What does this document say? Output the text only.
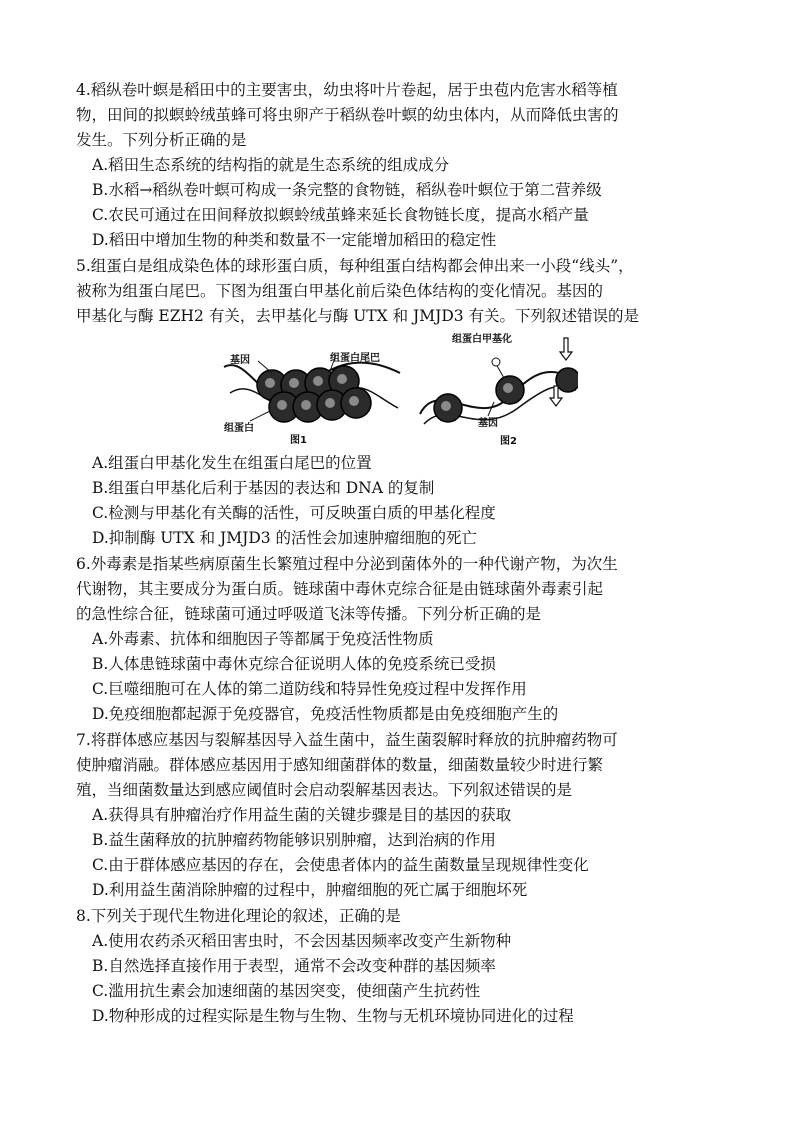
4.稻纵卷叶螟是稻田中的主要害虫，幼虫将叶片卷起，居于虫苞内危害水稻等植
物，田间的拟螟蛉绒茧蜂可将虫卵产于稻纵卷叶螟的幼虫体内，从而降低虫害的
发生。下列分析正确的是
A.稻田生态系统的结构指的就是生态系统的组成成分
B.水稻→稻纵卷叶螟可构成一条完整的食物链，稻纵卷叶螟位于第二营养级
C.农民可通过在田间释放拟螟蛉绒茧蜂来延长食物链长度，提高水稻产量
D.稻田中增加生物的种类和数量不一定能增加稻田的稳定性
5.组蛋白是组成染色体的球形蛋白质，每种组蛋白结构都会伸出来一小段“线头”，
被称为组蛋白尾巴。下图为组蛋白甲基化前后染色体结构的变化情况。基因的
甲基化与酶 EZH2 有关，去甲基化与酶 UTX 和 JMJD3 有关。下列叙述错误的是
基因	组蛋白尾巴
组蛋白
图1
组蛋白甲基化
基因
图2
A.组蛋白甲基化发生在组蛋白尾巴的位置
B.组蛋白甲基化后利于基因的表达和 DNA 的复制
C.检测与甲基化有关酶的活性，可反映蛋白质的甲基化程度
D.抑制酶 UTX 和 JMJD3 的活性会加速肿瘤细胞的死亡
6.外毒素是指某些病原菌生长繁殖过程中分泌到菌体外的一种代谢产物，为次生
代谢物，其主要成分为蛋白质。链球菌中毒休克综合征是由链球菌外毒素引起
的急性综合征，链球菌可通过呼吸道飞沫等传播。下列分析正确的是
A.外毒素、抗体和细胞因子等都属于免疫活性物质
B.人体患链球菌中毒休克综合征说明人体的免疫系统已受损
C.巨噬细胞可在人体的第二道防线和特异性免疫过程中发挥作用
D.免疫细胞都起源于免疫器官，免疫活性物质都是由免疫细胞产生的
7.将群体感应基因与裂解基因导入益生菌中，益生菌裂解时释放的抗肿瘤药物可
使肿瘤消融。群体感应基因用于感知细菌群体的数量，细菌数量较少时进行繁
殖，当细菌数量达到感应阈值时会启动裂解基因表达。下列叙述错误的是
A.获得具有肿瘤治疗作用益生菌的关键步骤是目的基因的获取
B.益生菌释放的抗肿瘤药物能够识别肿瘤，达到治病的作用
C.由于群体感应基因的存在，会使患者体内的益生菌数量呈现规律性变化
D.利用益生菌消除肿瘤的过程中，肿瘤细胞的死亡属于细胞坏死
8.下列关于现代生物进化理论的叙述，正确的是
A.使用农药杀灭稻田害虫时，不会因基因频率改变产生新物种
B.自然选择直接作用于表型，通常不会改变种群的基因频率
C.滥用抗生素会加速细菌的基因突变，使细菌产生抗药性
D.物种形成的过程实际是生物与生物、生物与无机环境协同进化的过程
